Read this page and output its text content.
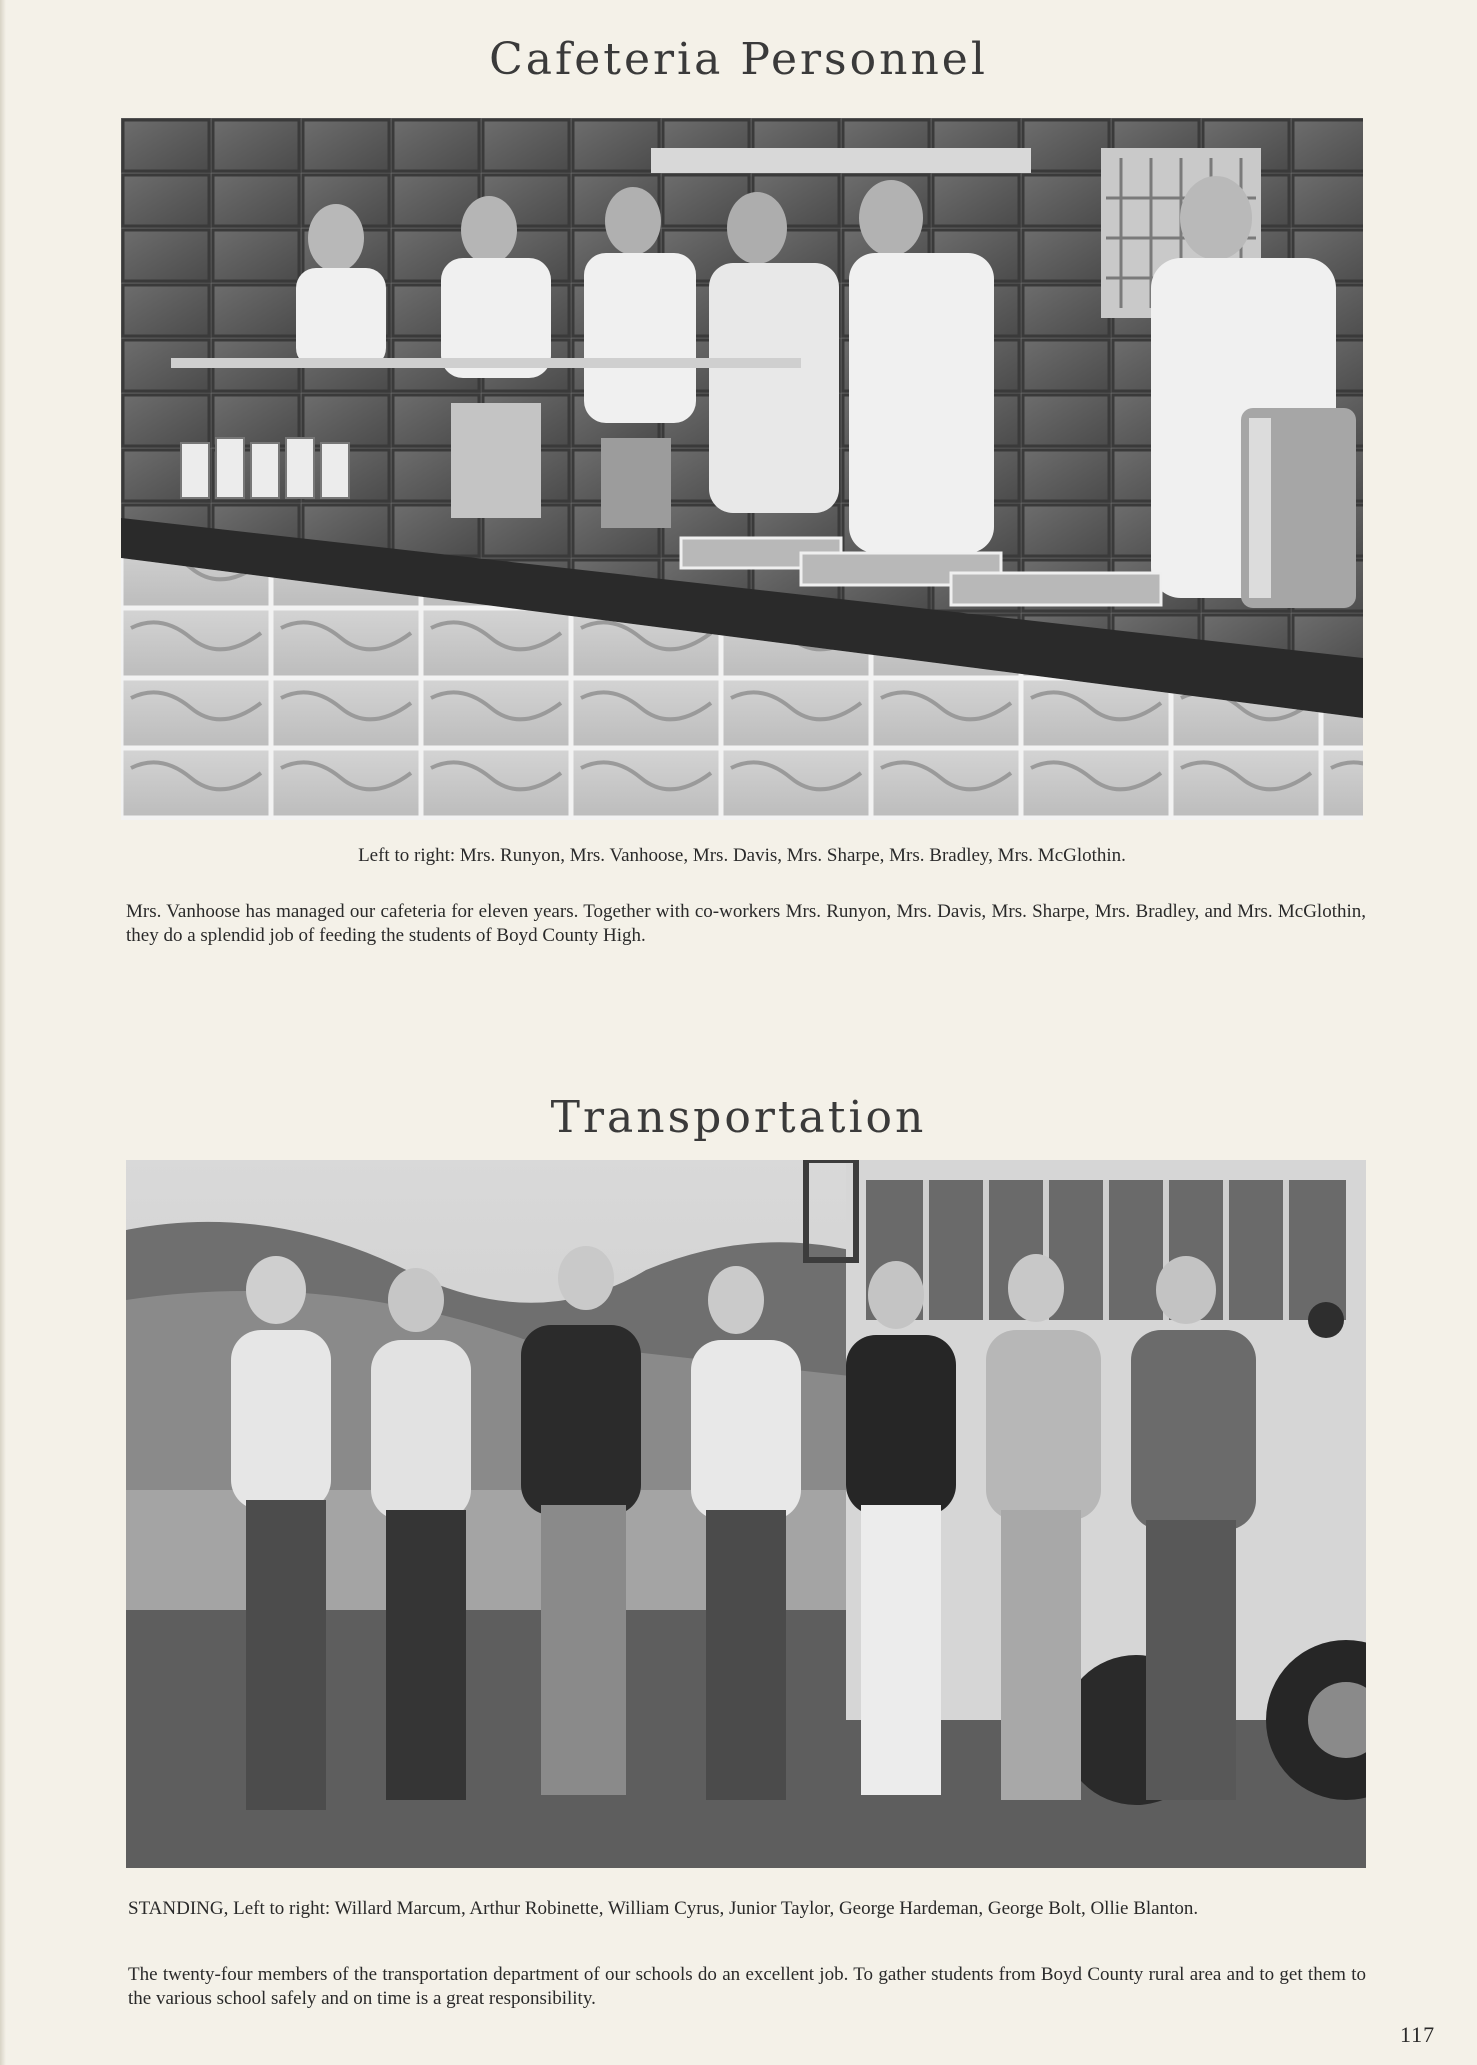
Cafeteria Personnel

Left to right: Mrs. Runyon, Mrs. Vanhoose, Mrs. Davis, Mrs. Sharpe, Mrs. Bradley, Mrs. McGlothin.

Mrs. Vanhoose has managed our cafeteria for eleven years. Together with co-workers Mrs. Runyon, Mrs. Davis, Mrs. Sharpe, Mrs. Bradley, and Mrs. McGlothin, they do a splendid job of feeding the students of Boyd County High.

Transportation

STANDING, Left to right: Willard Marcum, Arthur Robinette, William Cyrus, Junior Taylor, George Hardeman, George Bolt, Ollie Blanton.

The twenty-four members of the transportation department of our schools do an excellent job. To gather students from Boyd County rural area and to get them to the various school safely and on time is a great responsibility.

117
